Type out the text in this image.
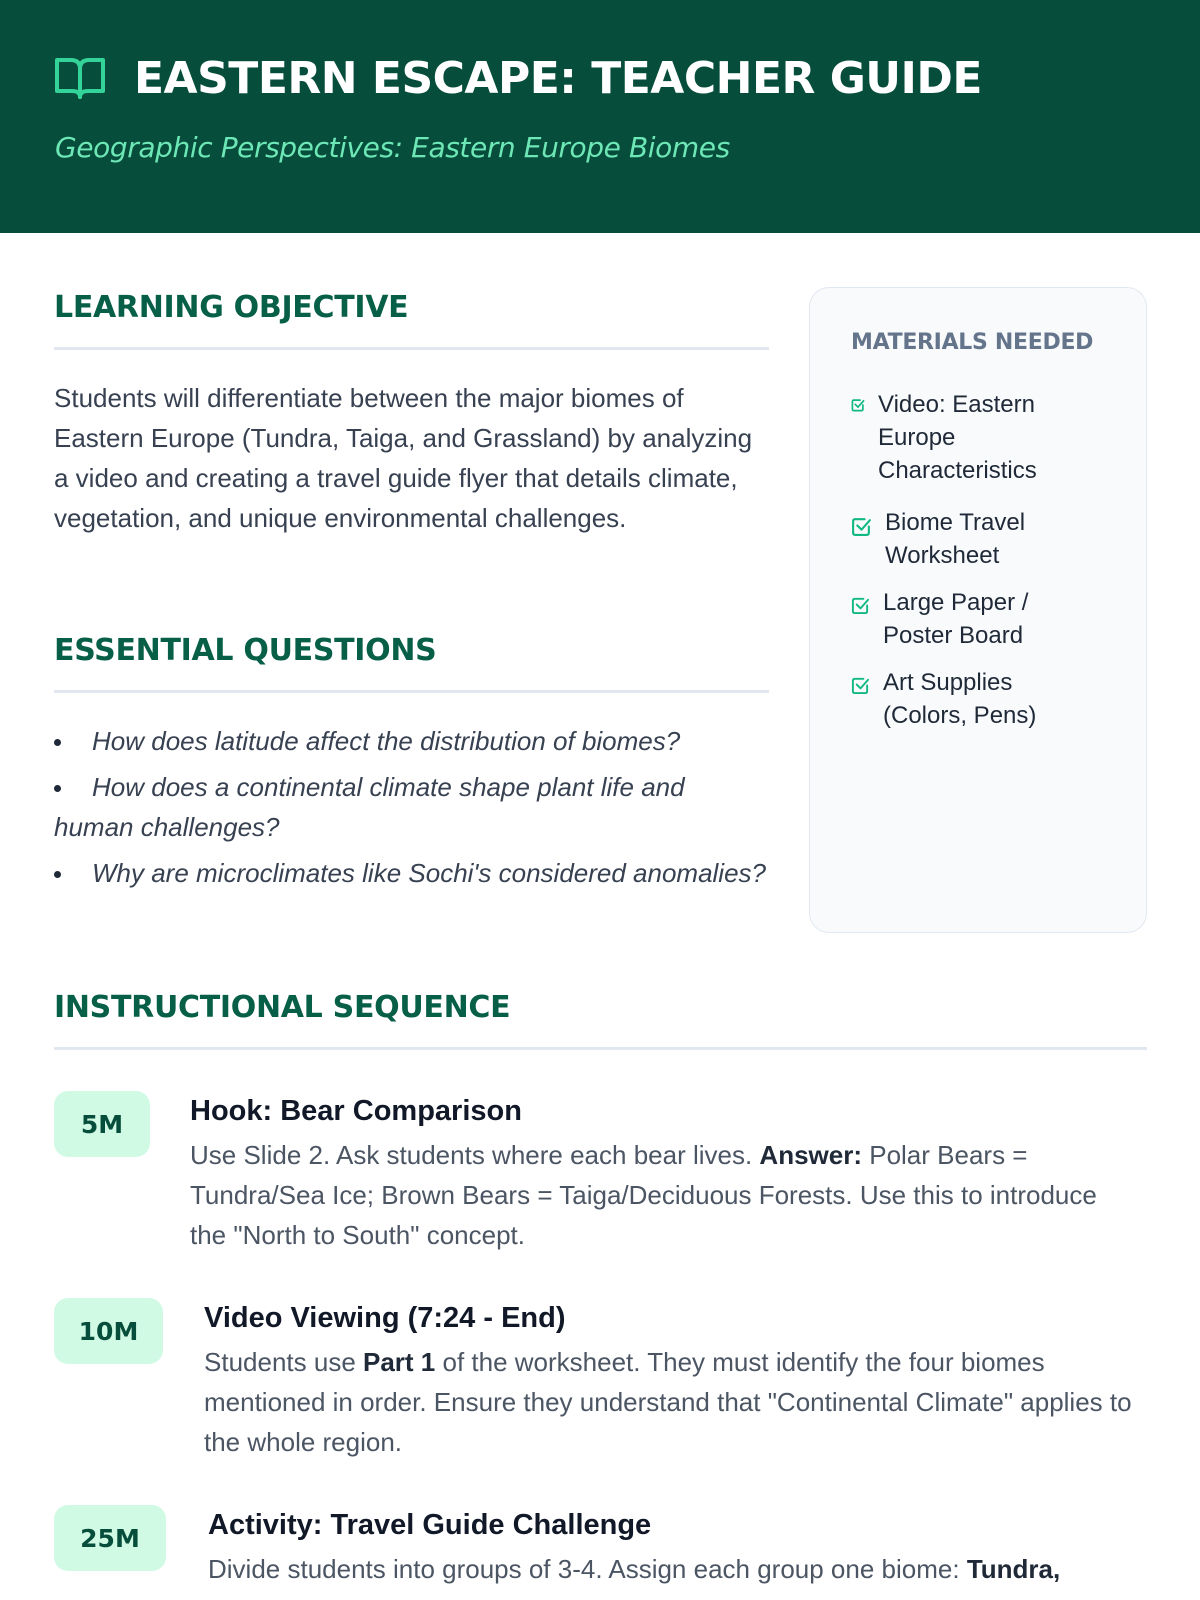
EASTERN ESCAPE: TEACHER GUIDE
Geographic Perspectives: Eastern Europe Biomes
LEARNING OBJECTIVE

Students will differentiate between the major biomes of Eastern Europe (Tundra, Taiga, and Grassland) by analyzing a video and creating a travel guide flyer that details climate, vegetation, and unique environmental challenges.

ESSENTIAL QUESTIONS
How does latitude affect the distribution of biomes?
How does a continental climate shape plant life and human challenges?
Why are microclimates like Sochi's considered anomalies?
MATERIALS NEEDED
Video: Eastern Europe Characteristics
Biome Travel Worksheet
Large Paper / Poster Board
Art Supplies (Colors, Pens)
INSTRUCTIONAL SEQUENCE
5M	Hook: Bear Comparison

Use Slide 2. Ask students where each bear lives. Answer: Polar Bears = Tundra/Sea Ice; Brown Bears = Taiga/Deciduous Forests. Use this to introduce the "North to South" concept.

10M	Video Viewing (7:24 - End)

Students use Part 1 of the worksheet. They must identify the four biomes mentioned in order. Ensure they understand that "Continental Climate" applies to the whole region.

25M	Activity: Travel Guide Challenge

Divide students into groups of 3-4. Assign each group one biome: Tundra,
